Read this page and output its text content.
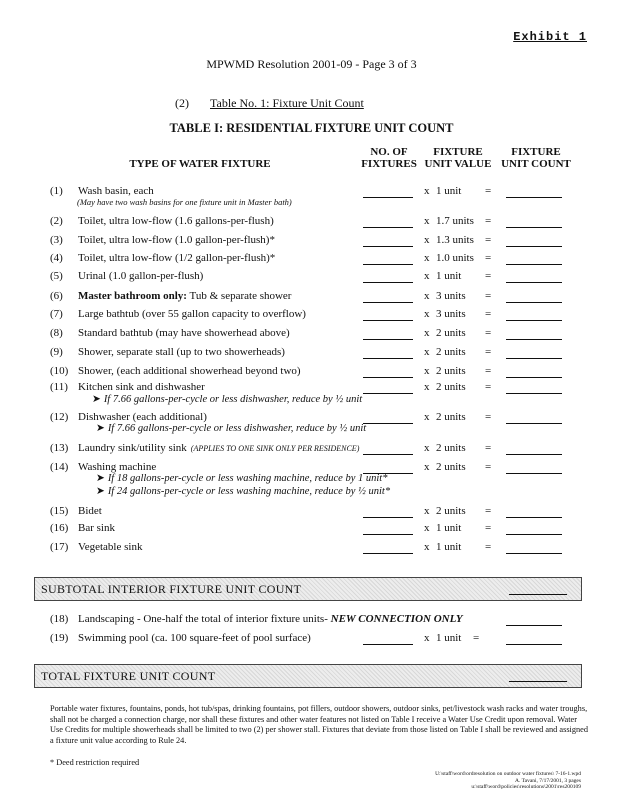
Exhibit 1
MPWMD Resolution 2001-09 - Page 3 of 3
(2) Table No. 1: Fixture Unit Count
TABLE I: RESIDENTIAL FIXTURE UNIT COUNT
TYPE OF WATER FIXTURE
NO. OF
FIXTURES
FIXTURE
UNIT VALUE
FIXTURE
UNIT COUNT
(1)	Wash basin, each	x 1 unit =
(2)	Toilet, ultra low-flow (1.6 gallons-per-flush)	x 1.7 units =
(3)	Toilet, ultra low-flow (1.0 gallon-per-flush)*	x 1.3 units =
(4)	Toilet, ultra low-flow (1/2 gallon-per-flush)*	x 1.0 units =
(5)	Urinal (1.0 gallon-per-flush)	x 1 unit =
(6)	Master bathroom only: Tub & separate shower	x 3 units =
(7)	Large bathtub (over 55 gallon capacity to overflow)	x 3 units =
(8)	Standard bathtub (may have showerhead above)	x 2 units =
(9)	Shower, separate stall (up to two showerheads)	x 2 units =
(10) Shower, (each additional showerhead beyond two)	x 2 units =
(11) Kitchen sink and dishwasher	x 2 units =
(12) Dishwasher (each additional)	x 2 units =
(13) Laundry sink/utility sink (APPLIES TO ONE SINK ONLY PER RESIDENCE)	x 2 units =
(14) Washing machine	x 2 units =
(15) Bidet	x 2 units =
(16) Bar sink	x 1 unit =
(17) Vegetable sink	x 1 unit =
(May have two wash basins for one fixture unit in Master bath)
➤ If 7.66 gallons-per-cycle or less dishwasher, reduce by ½ unit
➤ If 7.66 gallons-per-cycle or less dishwasher, reduce by ½ unit
➤ If 18 gallons-per-cycle or less washing machine, reduce by 1 unit*
➤ If 24 gallons-per-cycle or less washing machine, reduce by ½ unit*
SUBTOTAL INTERIOR FIXTURE UNIT COUNT
(18) Landscaping - One-half the total of interior fixture units- NEW CONNECTION ONLY
(19) Swimming pool (ca. 100 square-feet of pool surface)	x 1 unit =
TOTAL FIXTURE UNIT COUNT
Portable water fixtures, fountains, ponds, hot tub/spas, drinking fountains, pot fillers, outdoor showers, outdoor sinks, pet/livestock wash racks and water troughs, shall not be charged a connection charge, nor shall these fixtures and other water features not listed on Table I receive a Water Use Credit upon removal. Water Use Credits for multiple showerheads shall be limited to two (2) per shower stall. Fixtures that deviate from those listed on Table I shall be reviewed and assigned a fixture unit value according to Rule 24.
* Deed restriction required
U:\staff\word\ordresolution on outdoor water fixtures\ 7-16-1.wpd
A. Tavani, 7/17/2001, 3 pages
u:\staff\word\policies\resolutions\2001\res200109
